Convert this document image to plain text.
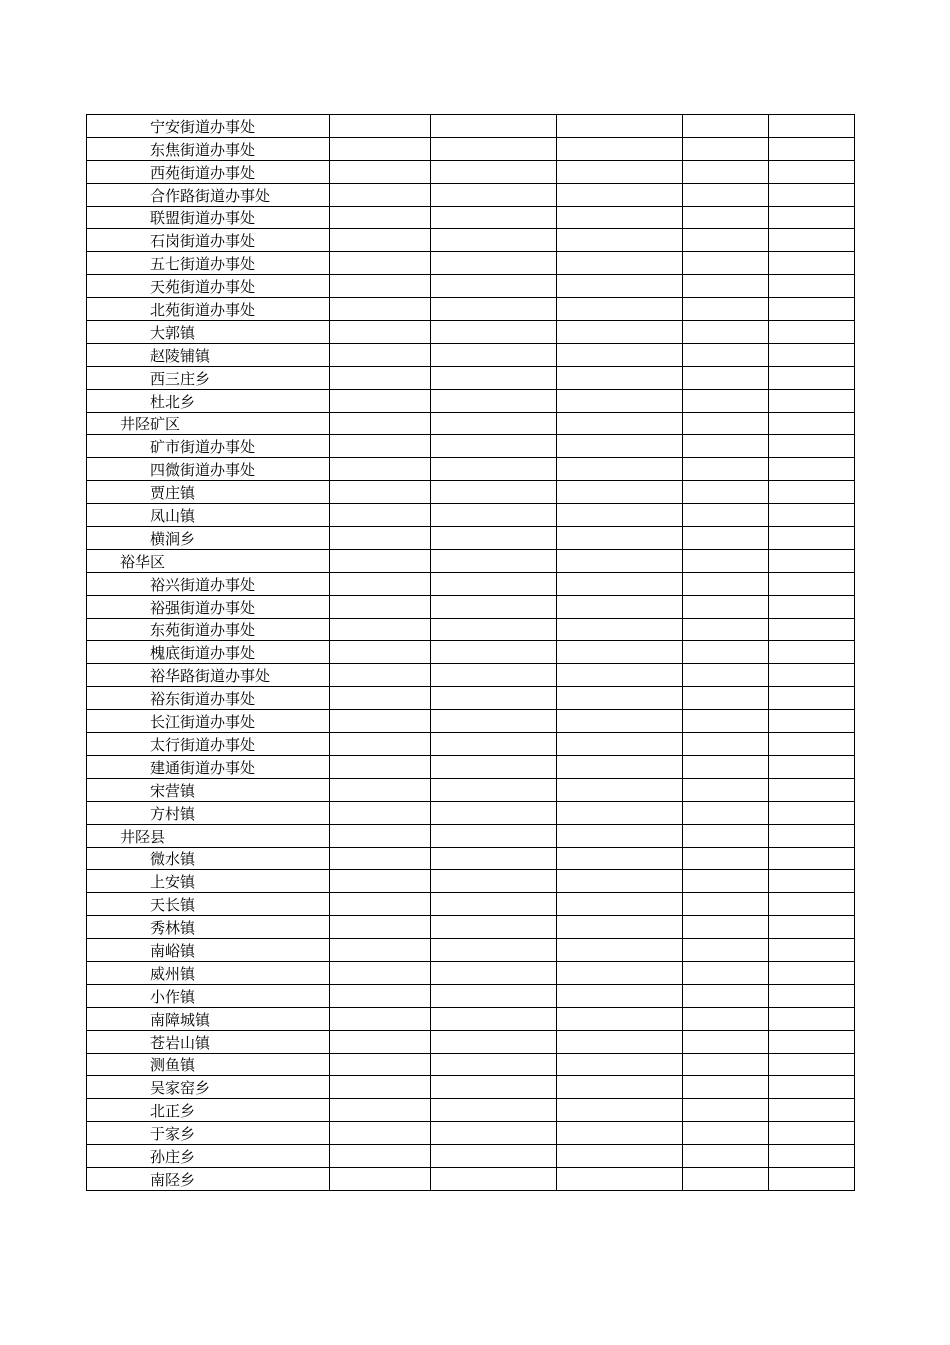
宁安街道办事处					
东焦街道办事处					
西苑街道办事处					
合作路街道办事处					
联盟街道办事处					
石岗街道办事处					
五七街道办事处					
天苑街道办事处					
北苑街道办事处					
大郭镇					
赵陵铺镇					
西三庄乡					
杜北乡					
井陉矿区					
矿市街道办事处					
四微街道办事处					
贾庄镇					
凤山镇					
横涧乡					
裕华区					
裕兴街道办事处					
裕强街道办事处					
东苑街道办事处					
槐底街道办事处					
裕华路街道办事处					
裕东街道办事处					
长江街道办事处					
太行街道办事处					
建通街道办事处					
宋营镇					
方村镇					
井陉县					
微水镇					
上安镇					
天长镇					
秀林镇					
南峪镇					
威州镇					
小作镇					
南障城镇					
苍岩山镇					
测鱼镇					
吴家窑乡					
北正乡					
于家乡					
孙庄乡					
南陉乡					
